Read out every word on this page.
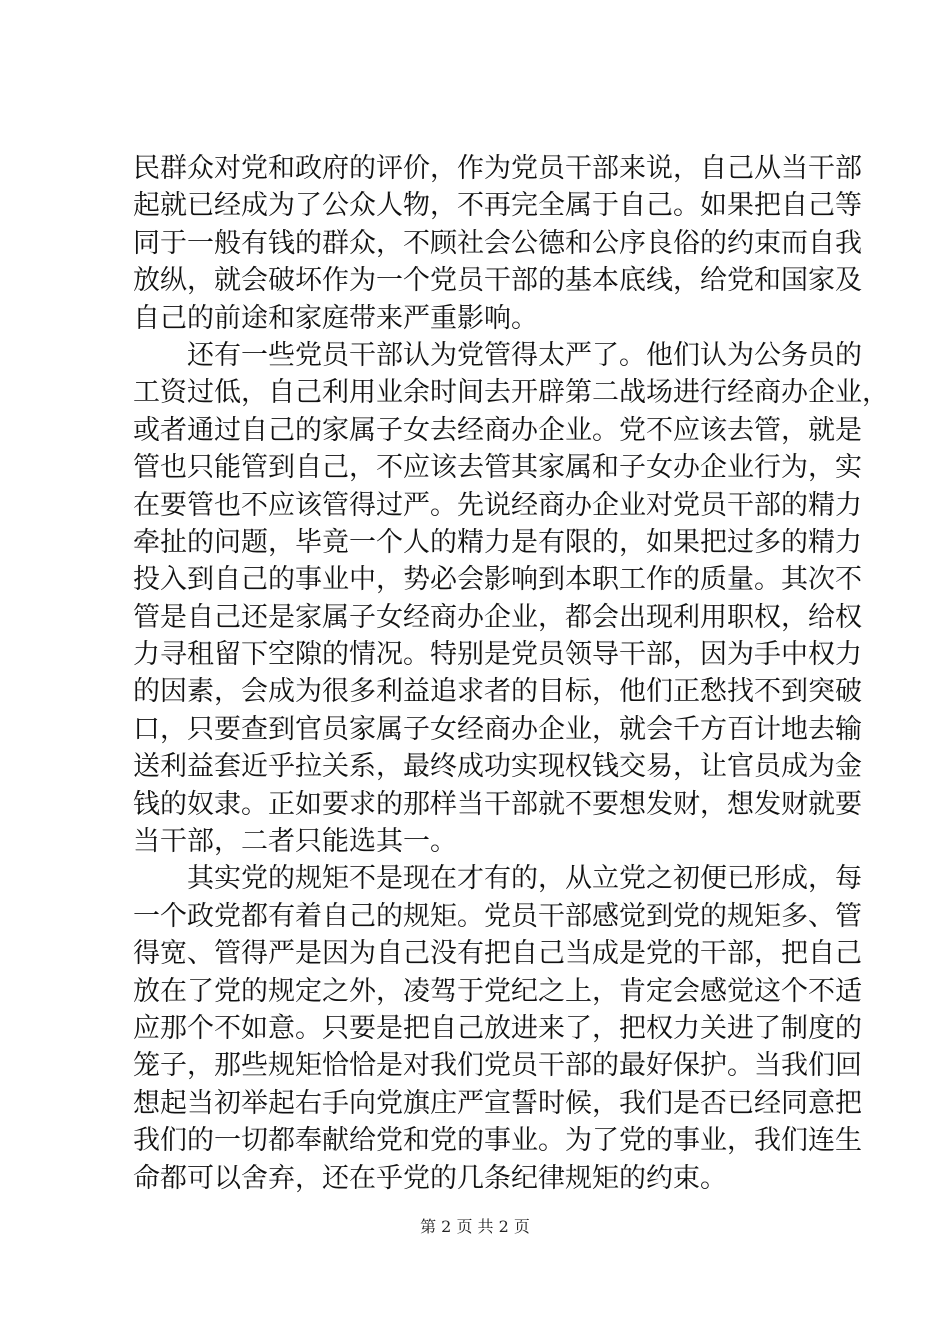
民群众对党和政府的评价，作为党员干部来说，自己从当干部
起就已经成为了公众人物，不再完全属于自己。如果把自己等
同于一般有钱的群众，不顾社会公德和公序良俗的约束而自我
放纵，就会破坏作为一个党员干部的基本底线，给党和国家及
自己的前途和家庭带来严重影响。
还有一些党员干部认为党管得太严了。他们认为公务员的
工资过低，自己利用业余时间去开辟第二战场进行经商办企业，
或者通过自己的家属子女去经商办企业。党不应该去管，就是
管也只能管到自己，不应该去管其家属和子女办企业行为，实
在要管也不应该管得过严。先说经商办企业对党员干部的精力
牵扯的问题，毕竟一个人的精力是有限的，如果把过多的精力
投入到自己的事业中，势必会影响到本职工作的质量。其次不
管是自己还是家属子女经商办企业，都会出现利用职权，给权
力寻租留下空隙的情况。特别是党员领导干部，因为手中权力
的因素，会成为很多利益追求者的目标，他们正愁找不到突破
口，只要查到官员家属子女经商办企业，就会千方百计地去输
送利益套近乎拉关系，最终成功实现权钱交易，让官员成为金
钱的奴隶。正如要求的那样当干部就不要想发财，想发财就要
当干部，二者只能选其一。
其实党的规矩不是现在才有的，从立党之初便已形成，每
一个政党都有着自己的规矩。党员干部感觉到党的规矩多、管
得宽、管得严是因为自己没有把自己当成是党的干部，把自己
放在了党的规定之外，凌驾于党纪之上，肯定会感觉这个不适
应那个不如意。只要是把自己放进来了，把权力关进了制度的
笼子，那些规矩恰恰是对我们党员干部的最好保护。当我们回
想起当初举起右手向党旗庄严宣誓时候，我们是否已经同意把
我们的一切都奉献给党和党的事业。为了党的事业，我们连生
命都可以舍弃，还在乎党的几条纪律规矩的约束。
第 2 页 共 2 页
